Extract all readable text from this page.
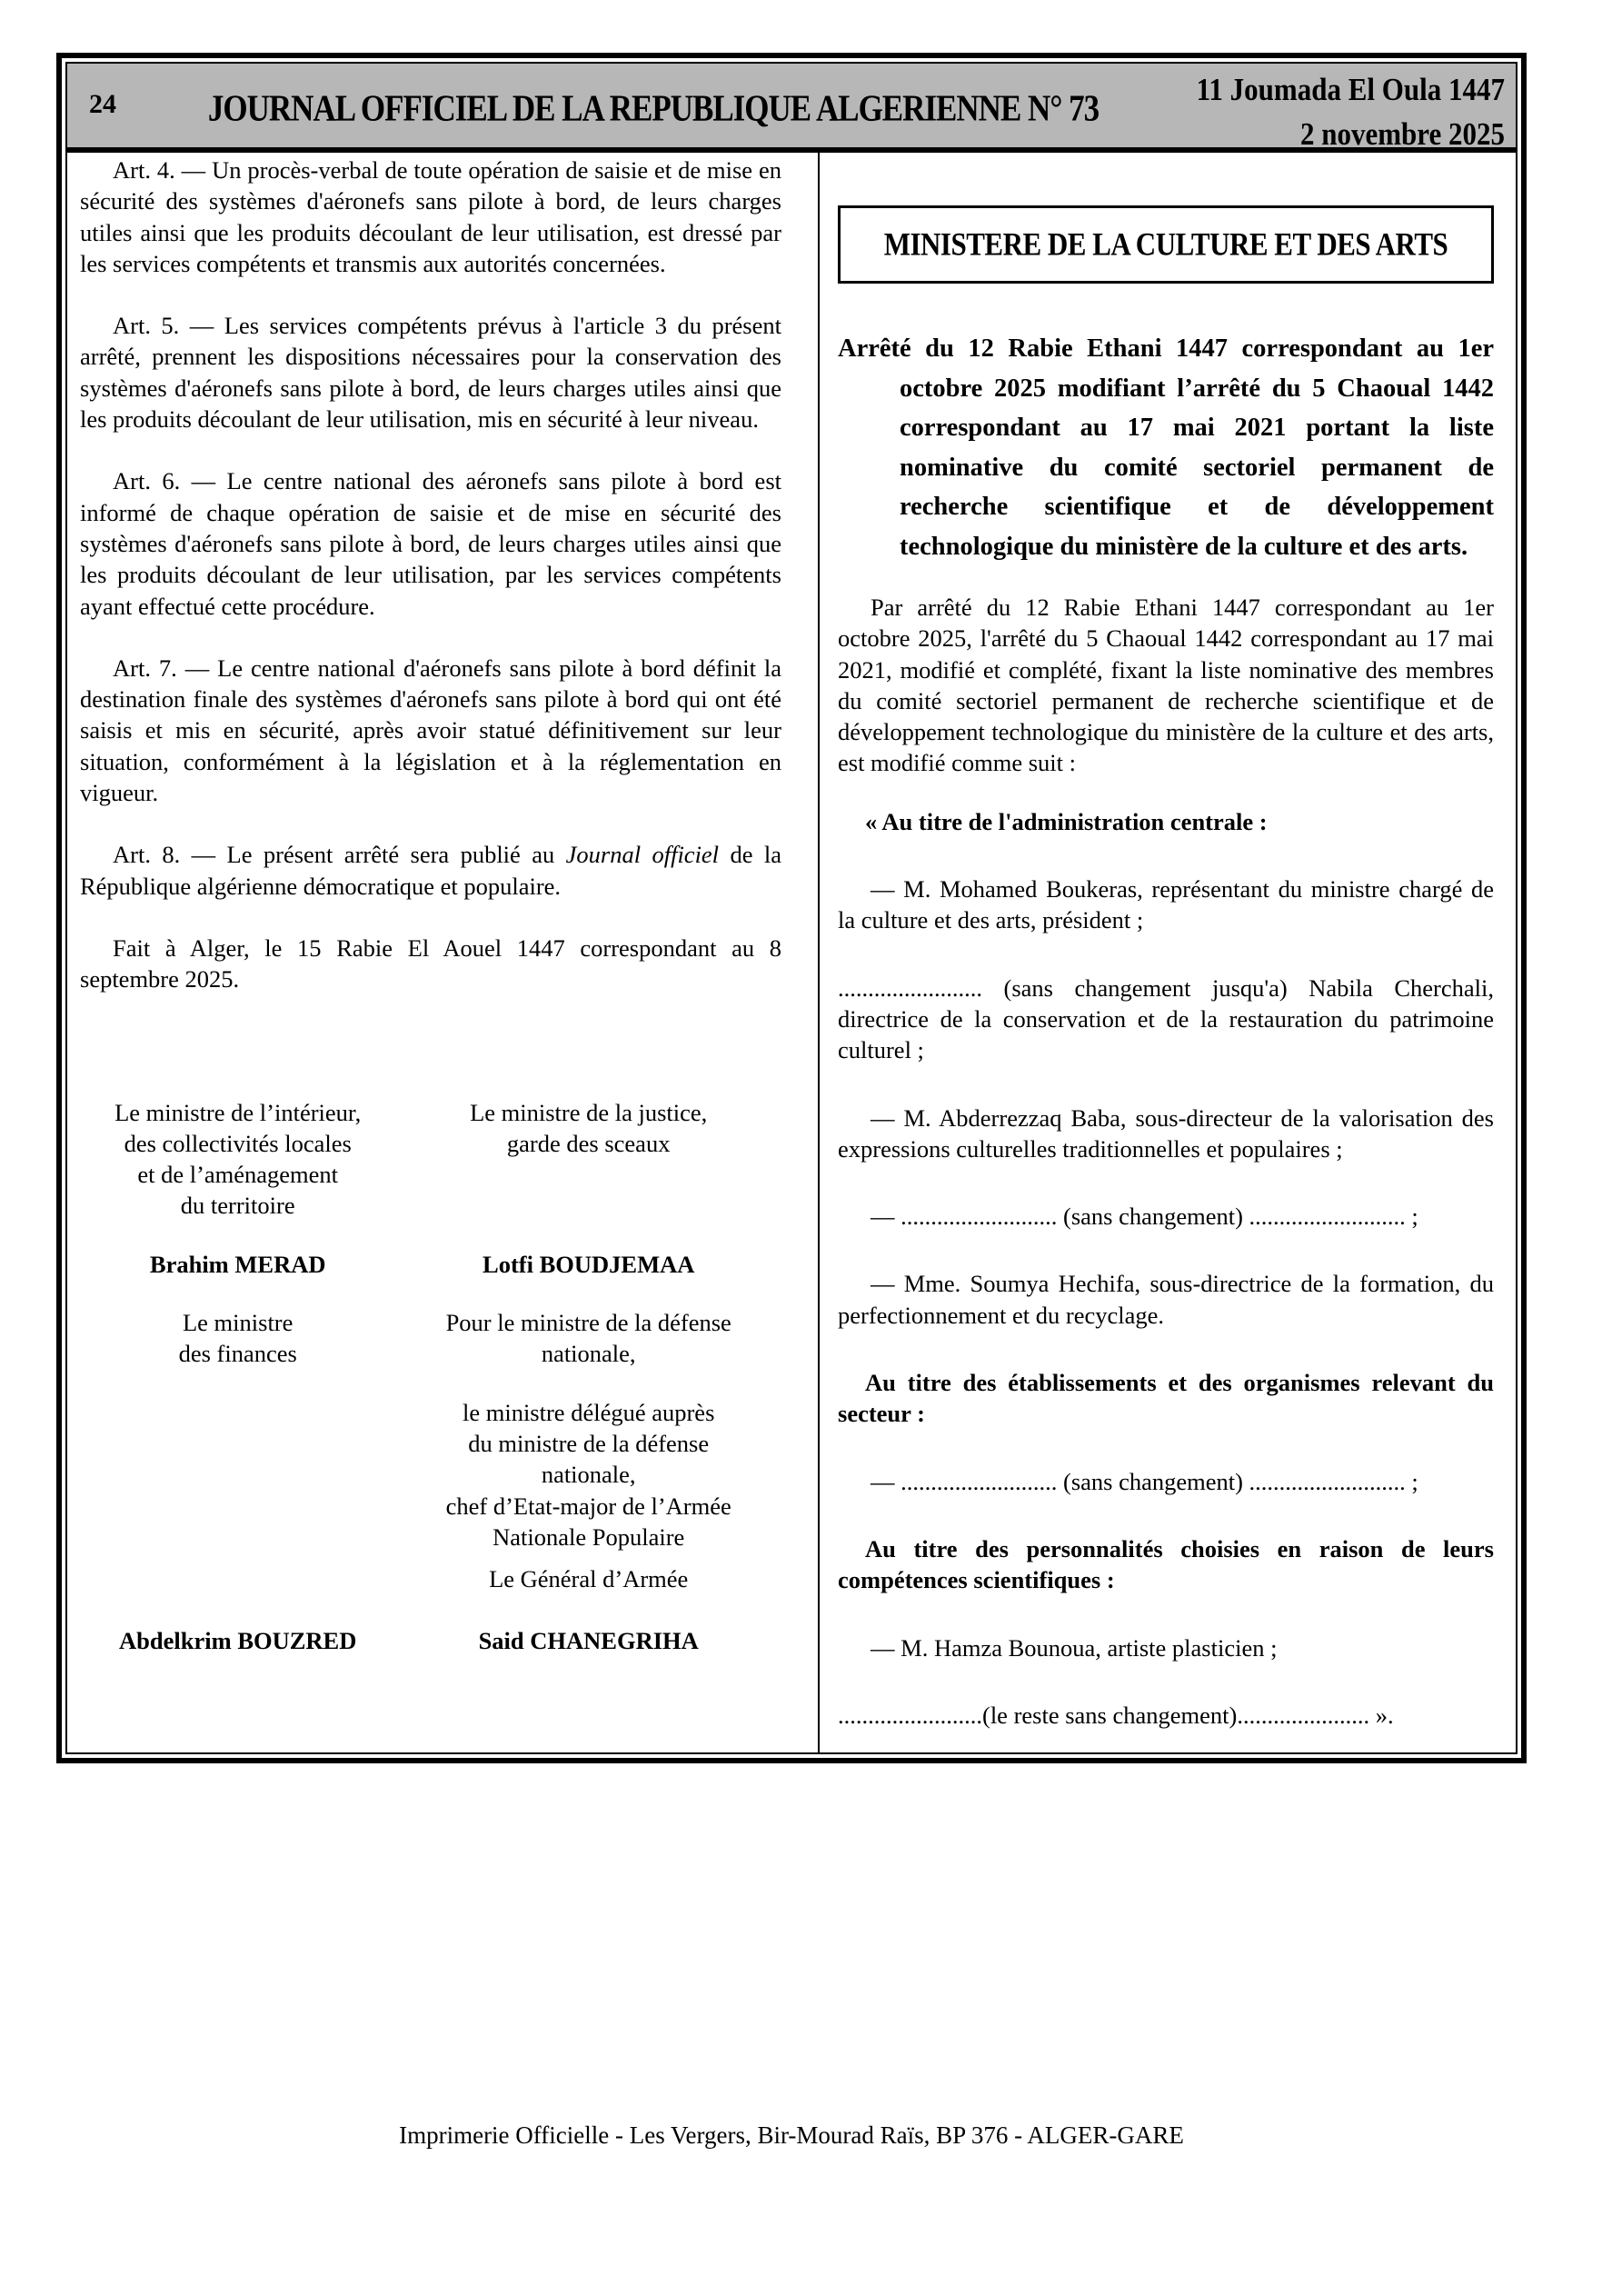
24	JOURNAL OFFICIEL DE LA REPUBLIQUE ALGERIENNE N° 73	11 Joumada El Oula 1447
2 novembre 2025

Art. 4. — Un procès-verbal de toute opération de saisie et de mise en sécurité des systèmes d'aéronefs sans pilote à bord, de leurs charges utiles ainsi que les produits découlant de leur utilisation, est dressé par les services compétents et transmis aux autorités concernées.

Art. 5. — Les services compétents prévus à l'article 3 du présent arrêté, prennent les dispositions nécessaires pour la conservation des systèmes d'aéronefs sans pilote à bord, de leurs charges utiles ainsi que les produits découlant de leur utilisation, mis en sécurité à leur niveau.

Art. 6. — Le centre national des aéronefs sans pilote à bord est informé de chaque opération de saisie et de mise en sécurité des systèmes d'aéronefs sans pilote à bord, de leurs charges utiles ainsi que les produits découlant de leur utilisation, par les services compétents ayant effectué cette procédure.

Art. 7. — Le centre national d'aéronefs sans pilote à bord définit la destination finale des systèmes d'aéronefs sans pilote à bord qui ont été saisis et mis en sécurité, après avoir statué définitivement sur leur situation, conformément à la législation et à la réglementation en vigueur.

Art. 8. — Le présent arrêté sera publié au Journal officiel de la République algérienne démocratique et populaire.

Fait à Alger, le 15 Rabie El Aouel 1447 correspondant au 8 septembre 2025.

Le ministre de l’intérieur,
des collectivités locales
et de l’aménagement
du territoire
Le ministre de la justice,
garde des sceaux
Brahim MERAD	Lotfi BOUDJEMAA
Le ministre
des finances
Pour le ministre de la défense
nationale,
le ministre délégué auprès
du ministre de la défense
nationale,
chef d’Etat-major de l’Armée
Nationale Populaire
Le Général d’Armée
Abdelkrim BOUZRED	Said CHANEGRIHA
MINISTERE DE LA CULTURE ET DES ARTS

Arrêté du 12 Rabie Ethani 1447 correspondant au 1er octobre 2025 modifiant l’arrêté du 5 Chaoual 1442 correspondant au 17 mai 2021 portant la liste nominative du comité sectoriel permanent de recherche scientifique et de développement technologique du ministère de la culture et des arts.

Par arrêté du 12 Rabie Ethani 1447 correspondant au 1er octobre 2025, l'arrêté du 5 Chaoual 1442 correspondant au 17 mai 2021, modifié et complété, fixant la liste nominative des membres du comité sectoriel permanent de recherche scientifique et de développement technologique du ministère de la culture et des arts, est modifié comme suit :

« Au titre de l'administration centrale :

— M. Mohamed Boukeras, représentant du ministre chargé de la culture et des arts, président ;

........................ (sans changement jusqu'a) Nabila Cherchali, directrice de la conservation et de la restauration du patrimoine culturel ;

— M. Abderrezzaq Baba, sous-directeur de la valorisation des expressions culturelles traditionnelles et populaires ;

— .......................... (sans changement) .......................... ;

— Mme. Soumya Hechifa, sous-directrice de la formation, du perfectionnement et du recyclage.

Au titre des établissements et des organismes relevant du secteur :

— .......................... (sans changement) .......................... ;

Au titre des personnalités choisies en raison de leurs compétences scientifiques :

— M. Hamza Bounoua, artiste plasticien ;

........................(le reste sans changement)...................... ».

Imprimerie Officielle - Les Vergers, Bir-Mourad Raïs, BP 376 - ALGER-GARE
